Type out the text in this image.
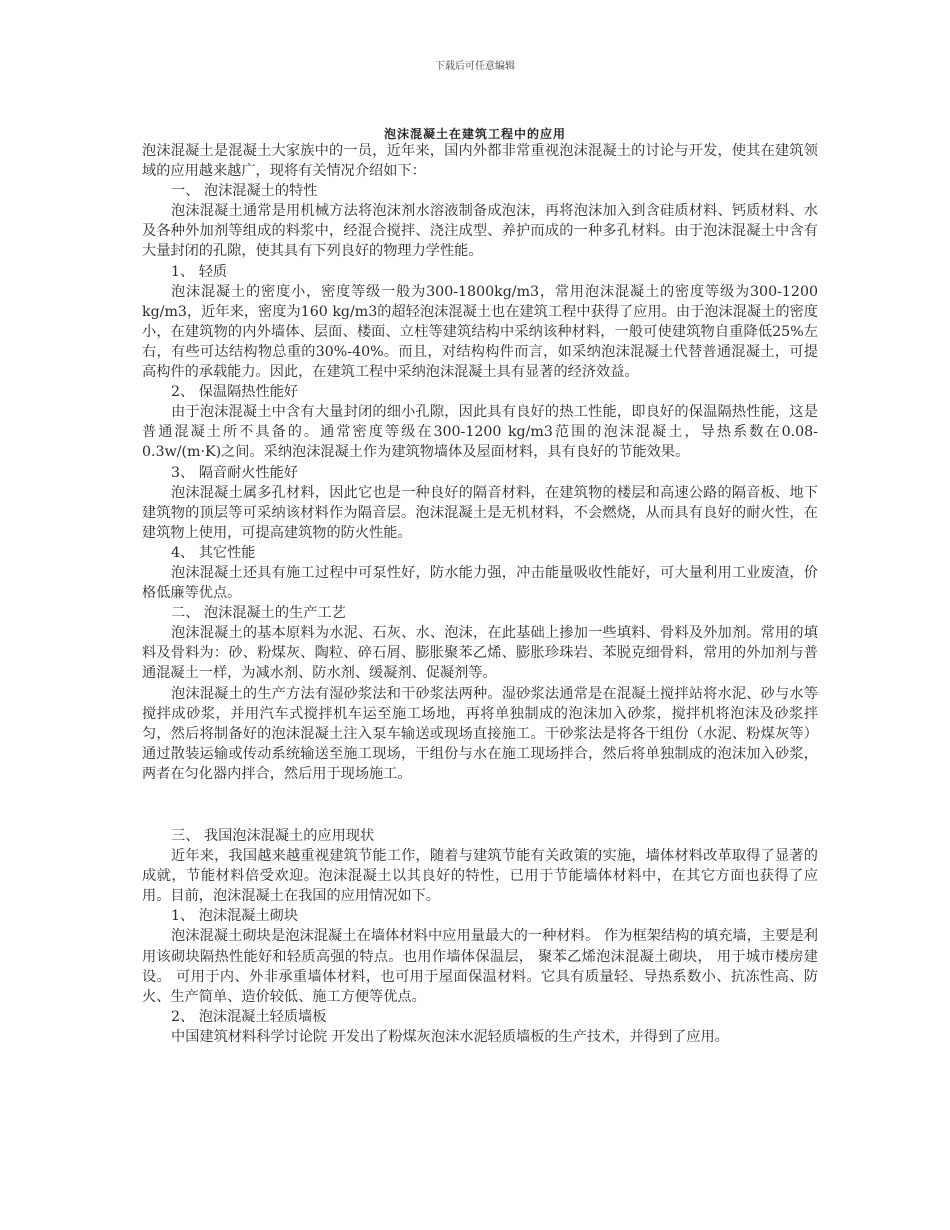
下载后可任意编辑
泡沫混凝土在建筑工程中的应用
泡沫混凝土是混凝土大家族中的一员，近年来，国内外都非常重视泡沫混凝土的讨论与开发，使其在建筑领域的应用越来越广，现将有关情况介绍如下：
一、 泡沫混凝土的特性
泡沫混凝土通常是用机械方法将泡沫剂水溶液制备成泡沫，再将泡沫加入到含硅质材料、钙质材料、水及各种外加剂等组成的料浆中，经混合搅拌、浇注成型、养护而成的一种多孔材料。由于泡沫混凝土中含有大量封闭的孔隙，使其具有下列良好的物理力学性能。
1、 轻质
泡沫混凝土的密度小，密度等级一般为300-1800kg/m3，常用泡沫混凝土的密度等级为300-1200 kg/m3，近年来，密度为160 kg/m3的超轻泡沫混凝土也在建筑工程中获得了应用。由于泡沫混凝土的密度小，在建筑物的内外墙体、层面、楼面、立柱等建筑结构中采纳该种材料，一般可使建筑物自重降低25%左右，有些可达结构物总重的30%-40%。而且，对结构构件而言，如采纳泡沫混凝土代替普通混凝土，可提高构件的承载能力。因此，在建筑工程中采纳泡沫混凝土具有显著的经济效益。
2、 保温隔热性能好
由于泡沫混凝土中含有大量封闭的细小孔隙，因此具有良好的热工性能，即良好的保温隔热性能，这是普通混凝土所不具备的。通常密度等级在300-1200 kg/m3范围的泡沫混凝土，导热系数在0.08-0.3w/(m·K)之间。采纳泡沫混凝土作为建筑物墙体及屋面材料，具有良好的节能效果。
3、 隔音耐火性能好
泡沫混凝土属多孔材料，因此它也是一种良好的隔音材料，在建筑物的楼层和高速公路的隔音板、地下建筑物的顶层等可采纳该材料作为隔音层。泡沫混凝土是无机材料，不会燃烧，从而具有良好的耐火性，在建筑物上使用，可提高建筑物的防火性能。
4、 其它性能
泡沫混凝土还具有施工过程中可泵性好，防水能力强，冲击能量吸收性能好，可大量利用工业废渣，价格低廉等优点。
二、 泡沫混凝土的生产工艺
泡沫混凝土的基本原料为水泥、石灰、水、泡沫，在此基础上掺加一些填料、骨料及外加剂。常用的填料及骨料为：砂、粉煤灰、陶粒、碎石屑、膨胀聚苯乙烯、膨胀珍珠岩、苯脱克细骨料，常用的外加剂与普通混凝土一样，为减水剂、防水剂、缓凝剂、促凝剂等。
泡沫混凝土的生产方法有湿砂浆法和干砂浆法两种。湿砂浆法通常是在混凝土搅拌站将水泥、砂与水等搅拌成砂浆，并用汽车式搅拌机车运至施工场地，再将单独制成的泡沫加入砂浆，搅拌机将泡沫及砂浆拌匀，然后将制备好的泡沫混凝土注入泵车输送或现场直接施工。干砂浆法是将各干组份（水泥、粉煤灰等）通过散装运输或传动系统输送至施工现场，干组份与水在施工现场拌合，然后将单独制成的泡沫加入砂浆，两者在匀化器内拌合，然后用于现场施工。
三、 我国泡沫混凝土的应用现状
近年来，我国越来越重视建筑节能工作，随着与建筑节能有关政策的实施，墙体材料改革取得了显著的成就，节能材料倍受欢迎。泡沫混凝土以其良好的特性，已用于节能墙体材料中，在其它方面也获得了应用。目前，泡沫混凝土在我国的应用情况如下。
1、 泡沫混凝土砌块
泡沫混凝土砌块是泡沫混凝土在墙体材料中应用量最大的一种材料。 作为框架结构的填充墙，主要是利用该砌块隔热性能好和轻质高强的特点。也用作墙体保温层， 聚苯乙烯泡沫混凝土砌块， 用于城市楼房建设。 可用于内、外非承重墙体材料，也可用于屋面保温材料。它具有质量轻、导热系数小、抗冻性高、防火、生产简单、造价较低、施工方便等优点。
2、 泡沫混凝土轻质墙板
中国建筑材料科学讨论院 开发出了粉煤灰泡沫水泥轻质墙板的生产技术，并得到了应用。
